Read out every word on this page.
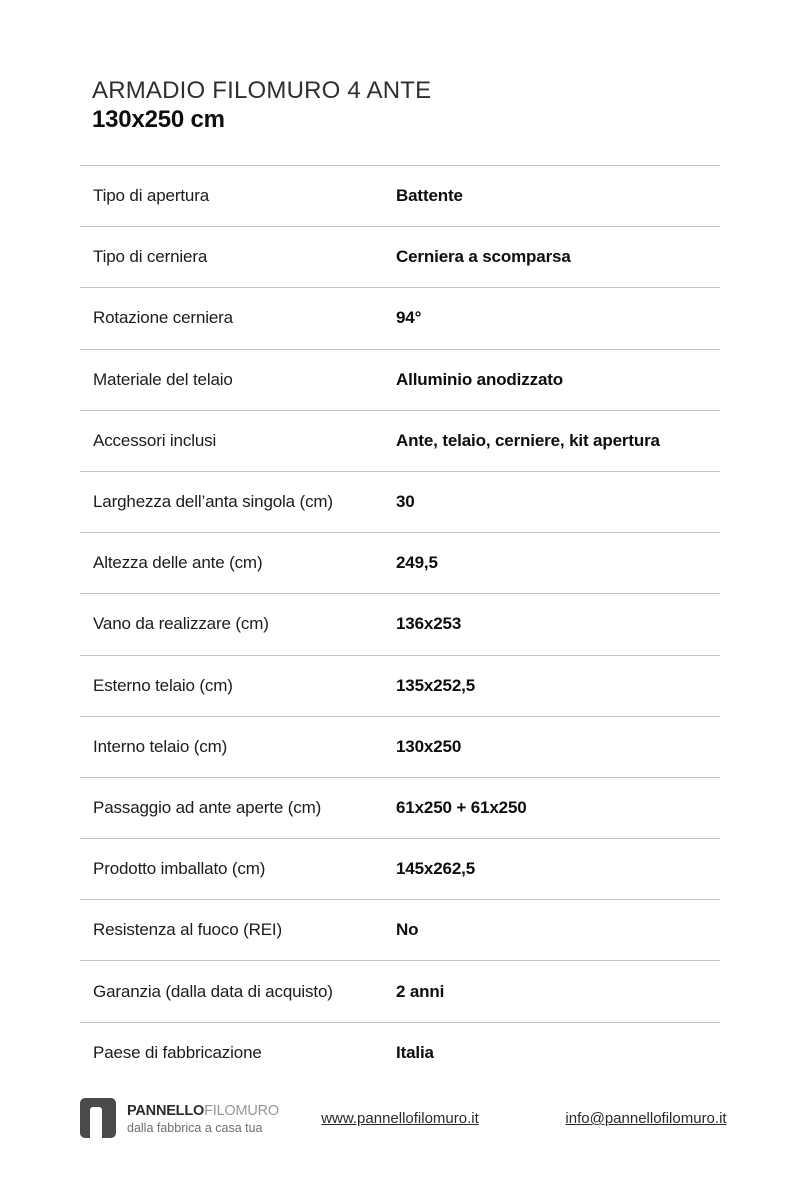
ARMADIO FILOMURO 4 ANTE
130x250 cm
Tipo di apertura	Battente
Tipo di cerniera	Cerniera a scomparsa
Rotazione cerniera	94°
Materiale del telaio	Alluminio anodizzato
Accessori inclusi	Ante, telaio, cerniere, kit apertura
Larghezza dell’anta singola (cm)	30
Altezza delle ante (cm)	249,5
Vano da realizzare (cm)	136x253
Esterno telaio (cm)	135x252,5
Interno telaio (cm)	130x250
Passaggio ad ante aperte (cm)	61x250 + 61x250
Prodotto imballato (cm)	145x262,5
Resistenza al fuoco (REI)	No
Garanzia (dalla data di acquisto)	2 anni
Paese di fabbricazione	Italia
PANNELLOFILOMURO
dalla fabbrica a casa tua
www.pannellofilomuro.it	info@pannellofilomuro.it
